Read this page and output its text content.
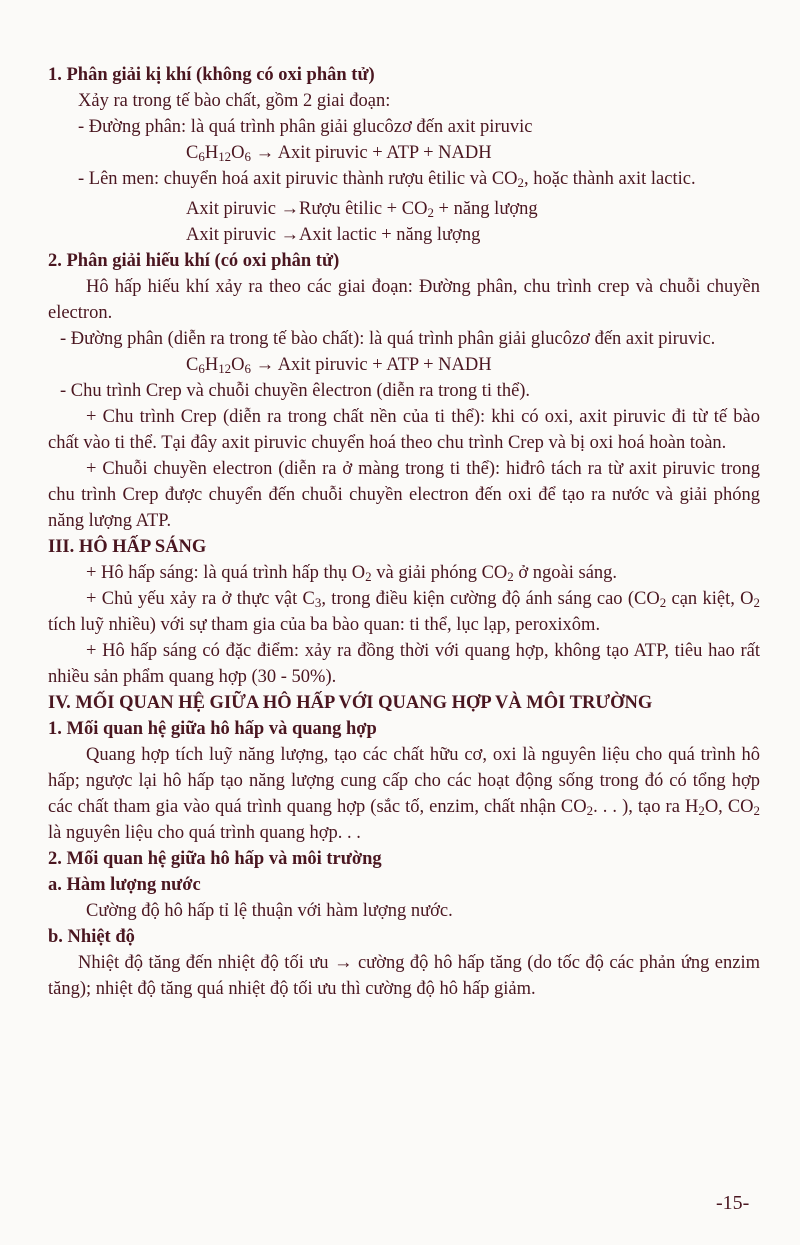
1. Phân giải kị khí (không có oxi phân tử)

Xảy ra trong tế bào chất, gồm 2 giai đoạn:

- Đường phân: là quá trình phân giải glucôzơ đến axit piruvic

$C_6H_{12}O_6$ → Axit piruvic + ATP + NADH

- Lên men: chuyển hoá axit piruvic thành rượu êtilic và $CO_2$, hoặc thành axit lactic.

Axit piruvic →Rượu êtilic + $CO_2$ + năng lượng

Axit piruvic →Axit lactic + năng lượng

2. Phân giải hiếu khí (có oxi phân tử)

Hô hấp hiếu khí xảy ra theo các giai đoạn: Đường phân, chu trình crep và chuỗi chuyền electron.

- Đường phân (diễn ra trong tế bào chất): là quá trình phân giải glucôzơ đến axit piruvic.

$C_6H_{12}O_6$ → Axit piruvic + ATP + NADH

- Chu trình Crep và chuỗi chuyền êlectron (diễn ra trong ti thể).

+ Chu trình Crep (diễn ra trong chất nền của ti thể): khi có oxi, axit piruvic đi từ tế bào chất vào ti thể. Tại đây axit piruvic chuyển hoá theo chu trình Crep và bị oxi hoá hoàn toàn.

+ Chuỗi chuyền electron (diễn ra ở màng trong ti thể): hiđrô tách ra từ axit piruvic trong chu trình Crep được chuyển đến chuỗi chuyền electron đến oxi để tạo ra nước và giải phóng năng lượng ATP.

III. HÔ HẤP SÁNG

+ Hô hấp sáng: là quá trình hấp thụ $O_2$ và giải phóng $CO_2$ ở ngoài sáng.

+ Chủ yếu xảy ra ở thực vật $C_3$, trong điều kiện cường độ ánh sáng cao ($CO_2$ cạn kiệt, $O_2$ tích luỹ nhiều) với sự tham gia của ba bào quan: ti thể, lục lạp, peroxixôm.

+ Hô hấp sáng có đặc điểm: xảy ra đồng thời với quang hợp, không tạo ATP, tiêu hao rất nhiều sản phẩm quang hợp (30 - 50%).

IV. MỐI QUAN HỆ GIỮA HÔ HẤP VỚI QUANG HỢP VÀ MÔI TRƯỜNG

1. Mối quan hệ giữa hô hấp và quang hợp

Quang hợp tích luỹ năng lượng, tạo các chất hữu cơ, oxi là nguyên liệu cho quá trình hô hấp; ngược lại hô hấp tạo năng lượng cung cấp cho các hoạt động sống trong đó có tổng hợp các chất tham gia vào quá trình quang hợp (sắc tố, enzim, chất nhận $CO_2$. . . ), tạo ra $H_2O$, $CO_2$ là nguyên liệu cho quá trình quang hợp. . .

2. Mối quan hệ giữa hô hấp và môi trường

a. Hàm lượng nước

Cường độ hô hấp tỉ lệ thuận với hàm lượng nước.

b. Nhiệt độ

Nhiệt độ tăng đến nhiệt độ tối ưu → cường độ hô hấp tăng (do tốc độ các phản ứng enzim tăng); nhiệt độ tăng quá nhiệt độ tối ưu thì cường độ hô hấp giảm.

-15-
